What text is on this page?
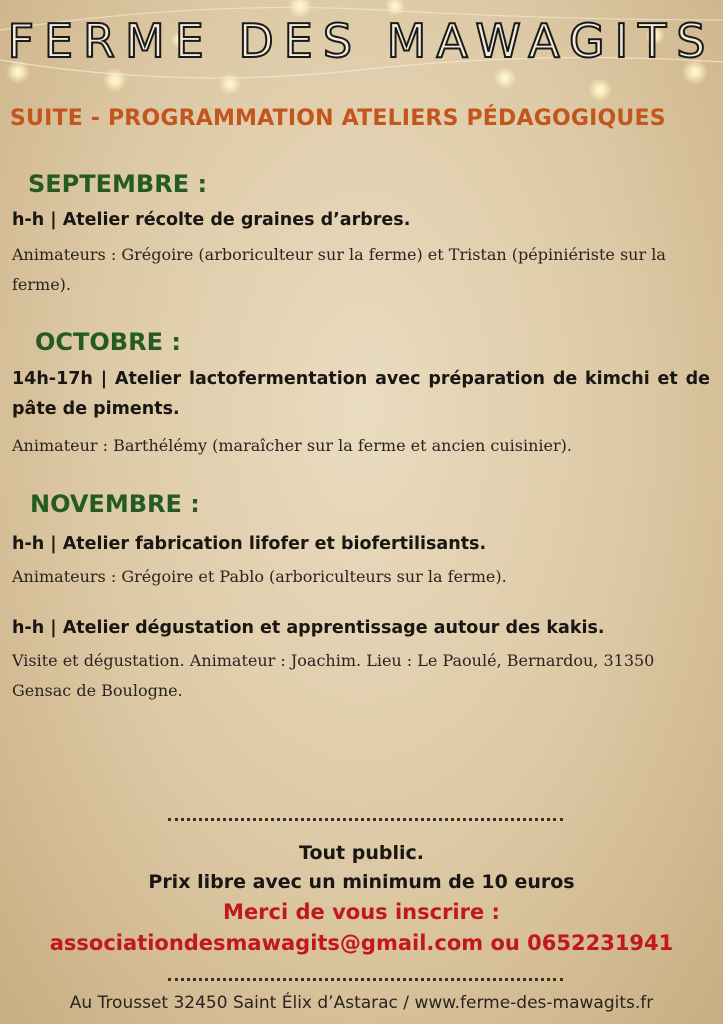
FERME DES MAWAGITS
SUITE - PROGRAMMATION ATELIERS PÉDAGOGIQUES
SEPTEMBRE :
h-h | Atelier récolte de graines d’arbres.
Animateurs : Grégoire (arboriculteur sur la ferme) et Tristan (pépiniériste sur la ferme).
OCTOBRE :
14h-17h | Atelier lactofermentation avec préparation de kimchi et de pâte de piments.
Animateur : Barthélémy (maraîcher sur la ferme et ancien cuisinier).
NOVEMBRE :
h-h | Atelier fabrication lifofer et biofertilisants.
Animateurs : Grégoire et Pablo (arboriculteurs sur la ferme).
h-h | Atelier dégustation et apprentissage autour des kakis.
Visite et dégustation. Animateur : Joachim. Lieu : Le Paoulé, Bernardou, 31350 Gensac de Boulogne.
Tout public.
Prix libre avec un minimum de 10 euros
Merci de vous inscrire :
associationdesmawagits@gmail.com ou 0652231941
Au Trousset 32450 Saint Élix d’Astarac / www.ferme-des-mawagits.fr
